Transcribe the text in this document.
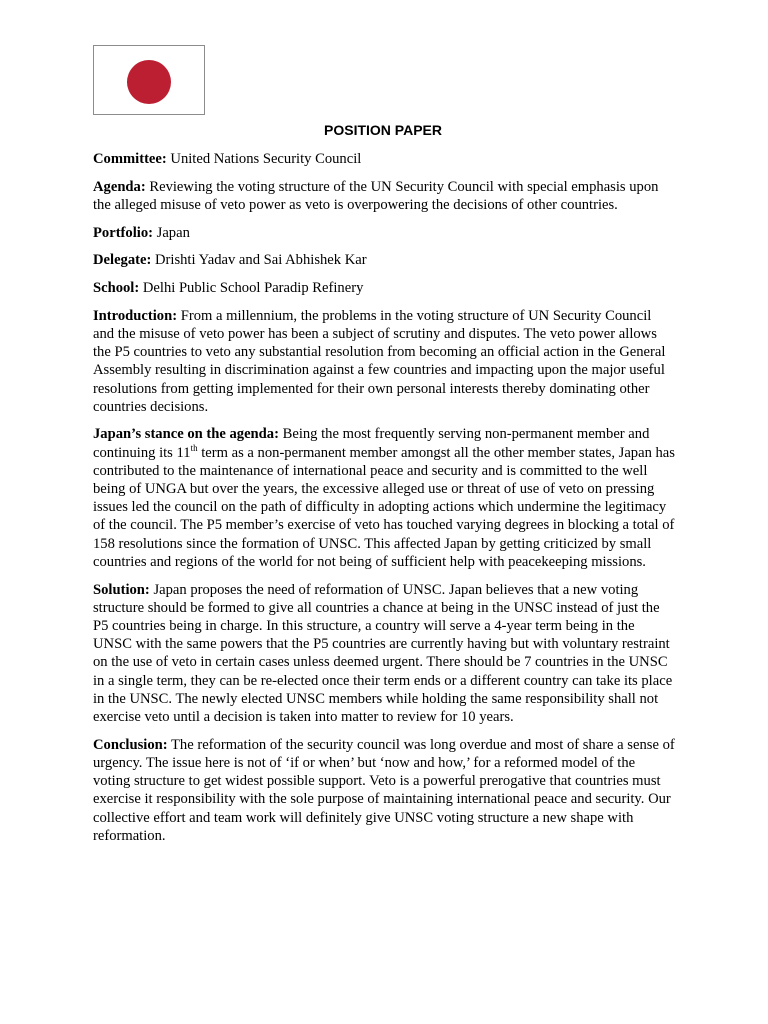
POSITION PAPER

Committee: United Nations Security Council

Agenda: Reviewing the voting structure of the UN Security Council with special emphasis upon the alleged misuse of veto power as veto is overpowering the decisions of other countries.

Portfolio: Japan

Delegate: Drishti Yadav and Sai Abhishek Kar

School: Delhi Public School Paradip Refinery

Introduction: From a millennium, the problems in the voting structure of UN Security Council and the misuse of veto power has been a subject of scrutiny and disputes. The veto power allows the P5 countries to veto any substantial resolution from becoming an official action in the General Assembly resulting in discrimination against a few countries and impacting upon the major useful resolutions from getting implemented for their own personal interests thereby dominating other countries decisions.

Japan’s stance on the agenda: Being the most frequently serving non-permanent member and continuing its 11th term as a non-permanent member amongst all the other member states, Japan has contributed to the maintenance of international peace and security and is committed to the well being of UNGA but over the years, the excessive alleged use or threat of use of veto on pressing issues led the council on the path of difficulty in adopting actions which undermine the legitimacy of the council. The P5 member’s exercise of veto has touched varying degrees in blocking a total of 158 resolutions since the formation of UNSC. This affected Japan by getting criticized by small countries and regions of the world for not being of sufficient help with peacekeeping missions.

Solution: Japan proposes the need of reformation of UNSC. Japan believes that a new voting structure should be formed to give all countries a chance at being in the UNSC instead of just the P5 countries being in charge. In this structure, a country will serve a 4-year term being in the UNSC with the same powers that the P5 countries are currently having but with voluntary restraint on the use of veto in certain cases unless deemed urgent. There should be 7 countries in the UNSC in a single term, they can be re-elected once their term ends or a different country can take its place in the UNSC. The newly elected UNSC members while holding the same responsibility shall not exercise veto until a decision is taken into matter to review for 10 years.

Conclusion: The reformation of the security council was long overdue and most of share a sense of urgency. The issue here is not of ‘if or when’ but ‘now and how,’ for a reformed model of the voting structure to get widest possible support. Veto is a powerful prerogative that countries must exercise it responsibility with the sole purpose of maintaining international peace and security. Our collective effort and team work will definitely give UNSC voting structure a new shape with reformation.
